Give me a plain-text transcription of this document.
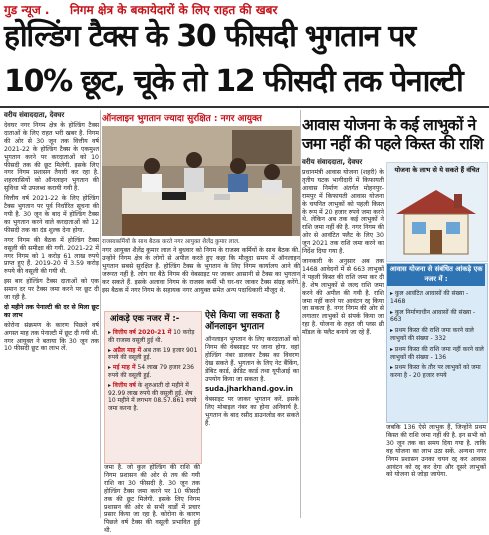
गुड न्यूज . निगम क्षेत्र के बकायेदारों के लिए राहत की खबर
होल्डिंग टैक्स के 30 फीसदी भुगतान पर
10% छूट, चूके तो 12 फीसदी तक पेनाल्टी
वरीय संवाददाता, देवघर

देवघर नगर निगम क्षेत्र के होल्डिंग टैक्स दाताओं के लिए राहत भरी खबर है. निगम की ओर से 30 जून तक वित्तीय वर्ष 2021-22 के होल्डिंग टैक्स के एकमुश्त भुगतान करने पर करदाताओं को 10 फीसदी तक की छूट मिलेगी. इसके लिए नगर निगम प्रशासन तैयारी कर रहा है. शहरवासियों को ऑनलाइन भुगतान की सुविधा भी उपलब्ध करायी गयी है.

वित्तीय वर्ष 2021-22 के लिए होल्डिंग टैक्स भुगतान पर पूर्व निर्धारित सूचना की गयी है. 30 जून के बाद में होल्डिंग टैक्स का भुगतान करने वाले करदाताओं को 12 फीसदी तक का दंड शुल्क देना होगा.

नगर निगम की बैठक में होल्डिंग टैक्स वसूली की समीक्षा की गयी. 2021-22 में नगर निगम को 1 करोड़ 61 लाख रुपये प्राप्त हुए हैं. 2019-20 में 3.59 करोड़ रुपये की वसूली की गयी थी.

इस बार होल्डिंग टैक्स दाताओं को एक समान दर पर टैक्स जमा करने पर छूट दी जा रही है.

दो महीने तक पेनाल्टी की दर से मिला छूट का लाभ

कोरोना संक्रमण के कारण पिछले वर्ष अगस्त माह तक पेनाल्टी में छूट दी गयी थी. नगर आयुक्त ने बताया कि 30 जून तक 10 फीसदी छूट का लाभ लें.

ऑनलाइन भुगतान ज्यादा सुरक्षित : नगर आयुक्त
राजस्वकर्मियों के साथ बैठक करते नगर आयुक्त शैलेंद्र कुमार लाल.

नगर आयुक्त शैलेंद्र कुमार लाल ने बुधवार को निगम के राजस्व कर्मियों के साथ बैठक की. उन्होंने निगम क्षेत्र के लोगों से अपील करते हुए कहा कि मौजूदा समय में ऑनलाइन भुगतान सबसे सुरक्षित है. होल्डिंग टैक्स के भुगतान के लिए निगम कार्यालय आने की जरूरत नहीं है. लोग घर बैठे निगम की वेबसाइट पर जाकर आसानी से टैक्स का भुगतान कर सकते हैं. इसके अलावा निगम के राजस्व कर्मी भी घर-घर जाकर टैक्स संग्रह करेंगे. इस बैठक में नगर निगम के सहायक नगर आयुक्त समेत अन्य पदाधिकारी मौजूद थे.

आंकड़े एक नजर में :-
▸ वित्तीय वर्ष 2020-21 में 10 करोड़ की राजस्व वसूली हुई थी.
▸ अप्रैल माह में अब तक 19 हजार 901 रुपये की वसूली हुई.
▸ मई माह में 54 लाख 79 हजार 236 रुपये की वसूली हुई.
▸ वित्तीय वर्ष के शुरुआती दो महीने में 92.99 लाख रुपये की वसूली हुई. शेष 10 महीने में लगभग 08.57.861 रुपये जमा करना है.

जमा है. जो कुल होल्डिंग की राशि की निगम प्रशासन की ओर से तय की गयी राशि का 30 फीसदी है. 30 जून तक होल्डिंग टैक्स जमा करने पर 10 फीसदी तक की छूट मिलेगी. इसके लिए निगम प्रशासन की ओर से सभी वार्डों में प्रचार प्रसार किया जा रहा है. कोरोना के कारण पिछले वर्ष टैक्स की वसूली प्रभावित हुई थी.

ऐसे किया जा सकता है ऑनलाइन भुगतान

ऑनलाइन भुगतान के लिए करदाताओं को निगम की वेबसाइट पर जाना होगा. वहां होल्डिंग नंबर डालकर टैक्स का विवरण देख सकते हैं. भुगतान के लिए नेट बैंकिंग, डेबिट कार्ड, क्रेडिट कार्ड तथा यूपीआई का उपयोग किया जा सकता है.

suda.jharkhand.gov.in

वेबसाइट पर जाकर भुगतान करें. इसके लिए मोबाइल नंबर का होना अनिवार्य है. भुगतान के बाद रसीद डाउनलोड कर सकते हैं.

आवास योजना के कई लाभुकों ने जमा नहीं की पहले किस्त की राशि
वरीय संवाददाता, देवघर

प्रधानमंत्री आवास योजना (शहरी) के तृतीय घटक भागीदारी में किफायती आवास निर्माण अंतर्गत मोहनपुर-रामपुर में किफायती आवास योजना के चयनित लाभुकों को पहली किस्त के रूप में 20 हजार रुपये जमा करने थे. लेकिन अब तक कई लाभुकों ने राशि जमा नहीं की है. नगर निगम की ओर से आवंटित फ्लैट के लिए 30 जून 2021 तक राशि जमा करने का निर्देश दिया गया है.

जानकारी के अनुसार अब तक 1468 आवेदनों में से 663 लाभुकों ने पहली किस्त की राशि जमा कर दी है. शेष लाभुकों से जल्द राशि जमा करने की अपील की गयी है. राशि जमा नहीं करने पर आवंटन रद्द किया जा सकता है. नगर निगम की ओर से लगातार लाभुकों से संपर्क किया जा रहा है. योजना के तहत जी प्लस थ्री मॉडल के फ्लैट बनाये जा रहे हैं.

योजना के लाभ से ये सकते हैं वंचित
आवास योजना से संबंधित आंकड़े एक नजर में :
▸ कुल आवंटित आवासों की संख्या - 1468
▸ कुल निर्माणाधीन आवासों की संख्या - 663
▸ प्रथम किस्त की राशि जमा करने वाले लाभुकों की संख्या - 332
▸ प्रथम किस्त की राशि जमा नहीं करने वाले लाभुकों की संख्या - 136
▸ प्रथम किस्त के तौर पर लाभुकों को जमा करना है - 20 हजार रुपये

जबकि 136 ऐसे लाभुक हैं, जिन्होंने प्रथम किस्त की राशि जमा नहीं की है. इन सभी को 30 जून तक का समय दिया गया है. ताकि वह योजना का लाभ उठा सकें. अन्यथा नगर निगम प्रशासन उनका चयन रद्द कर आवास आवंटन को रद्द कर देगा और दूसरे लाभुकों को योजना से जोड़ा जायेगा.
